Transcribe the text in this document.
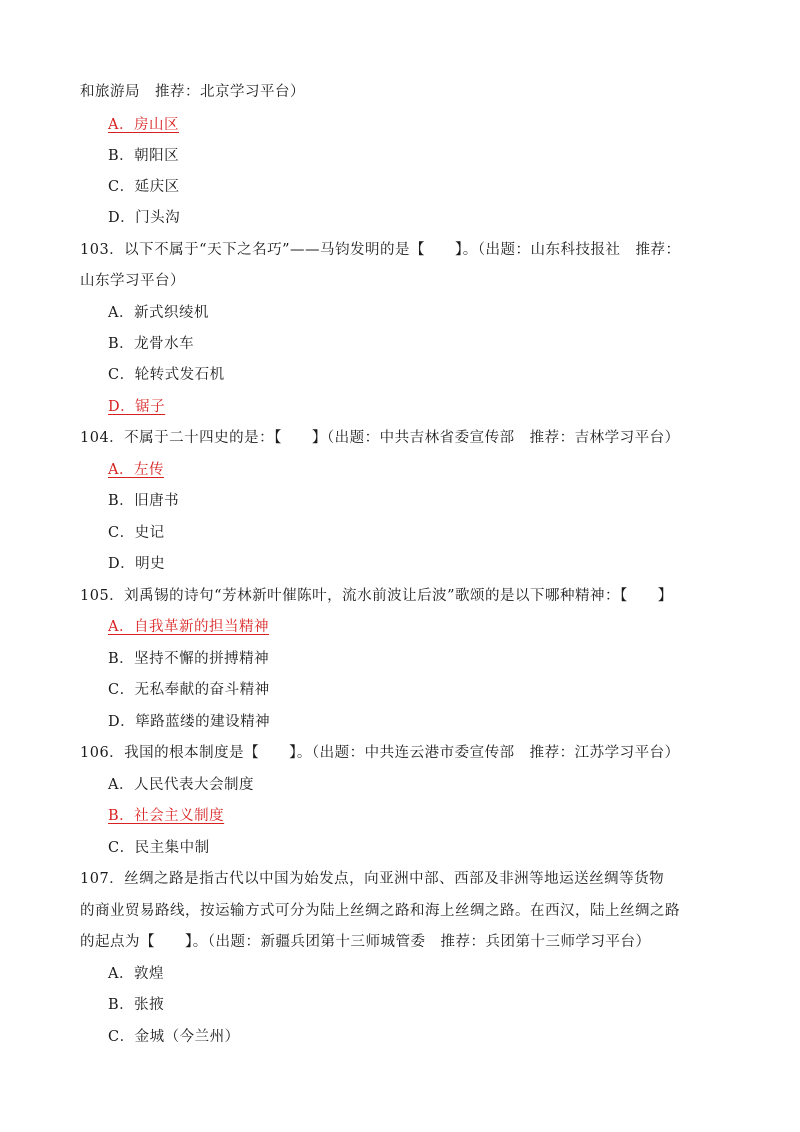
和旅游局　推荐：北京学习平台）
A．房山区
B．朝阳区
C．延庆区
D．门头沟
103．以下不属于“天下之名巧”——马钧发明的是【　　】。（出题：山东科技报社　推荐：
山东学习平台）
A．新式织绫机
B．龙骨水车
C．轮转式发石机
D．锯子
104．不属于二十四史的是：【　　】（出题：中共吉林省委宣传部　推荐：吉林学习平台）
A．左传
B．旧唐书
C．史记
D．明史
105．刘禹锡的诗句“芳林新叶催陈叶，流水前波让后波”歌颂的是以下哪种精神：【　　】
A．自我革新的担当精神
B．坚持不懈的拼搏精神
C．无私奉献的奋斗精神
D．筚路蓝缕的建设精神
106．我国的根本制度是【　　】。（出题：中共连云港市委宣传部　推荐：江苏学习平台）
A．人民代表大会制度
B．社会主义制度
C．民主集中制
107．丝绸之路是指古代以中国为始发点，向亚洲中部、西部及非洲等地运送丝绸等货物
的商业贸易路线，按运输方式可分为陆上丝绸之路和海上丝绸之路。在西汉，陆上丝绸之路
的起点为【　　】。（出题：新疆兵团第十三师城管委　推荐：兵团第十三师学习平台）
A．敦煌
B．张掖
C．金城（今兰州）
